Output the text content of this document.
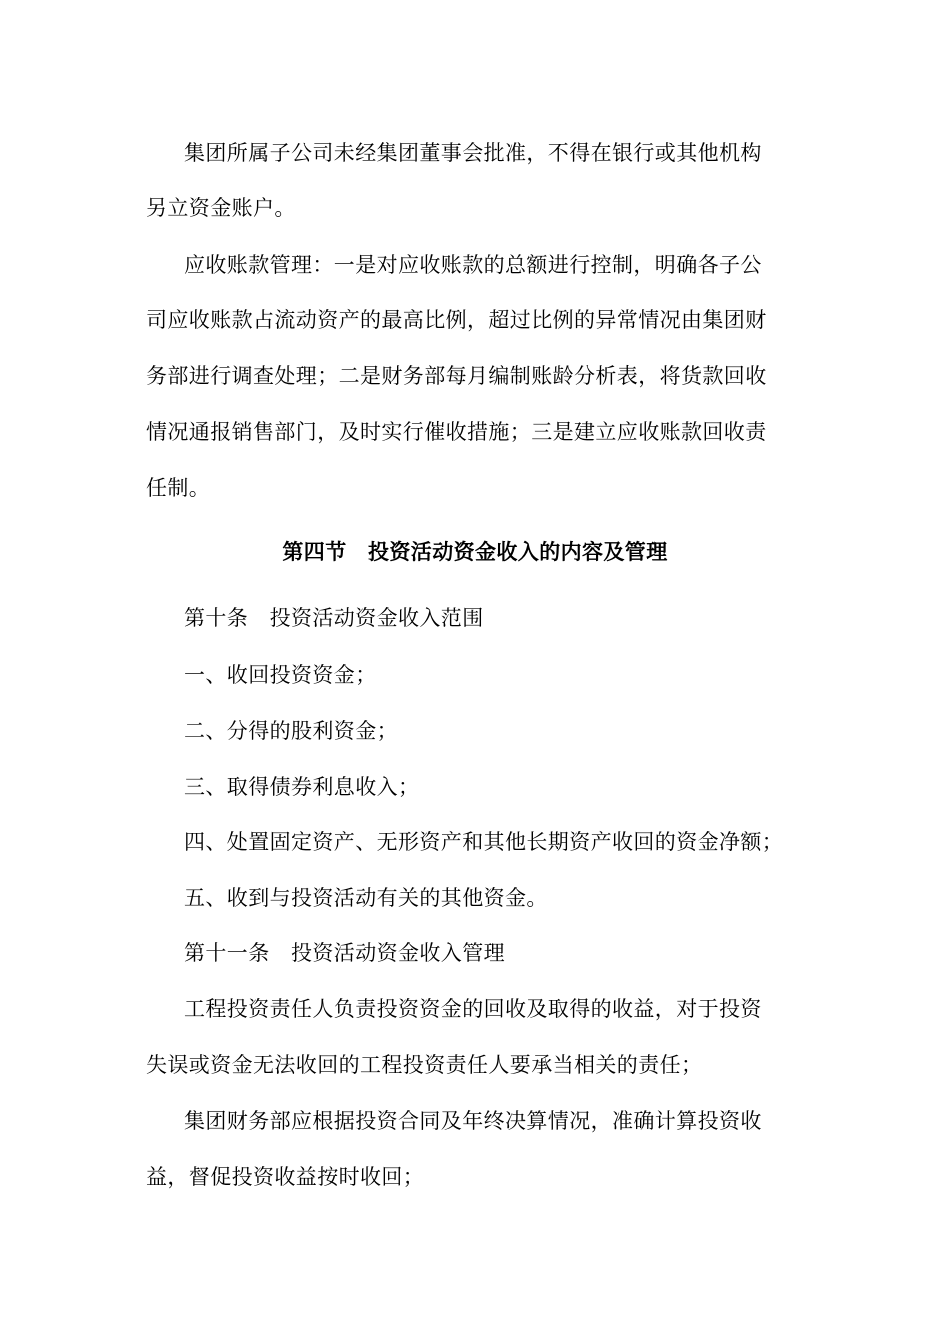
集团所属子公司未经集团董事会批准，不得在银行或其他机构
另立资金账户。
应收账款管理：一是对应收账款的总额进行控制，明确各子公
司应收账款占流动资产的最高比例，超过比例的异常情况由集团财
务部进行调查处理；二是财务部每月编制账龄分析表，将货款回收
情况通报销售部门，及时实行催收措施；三是建立应收账款回收责
任制。
第四节　投资活动资金收入的内容及管理
第十条　投资活动资金收入范围
一、收回投资资金；
二、分得的股利资金；
三、取得债券利息收入；
四、处置固定资产、无形资产和其他长期资产收回的资金净额；
五、收到与投资活动有关的其他资金。
第十一条　投资活动资金收入管理
工程投资责任人负责投资资金的回收及取得的收益，对于投资
失误或资金无法收回的工程投资责任人要承当相关的责任；
集团财务部应根据投资合同及年终决算情况，准确计算投资收
益，督促投资收益按时收回；
